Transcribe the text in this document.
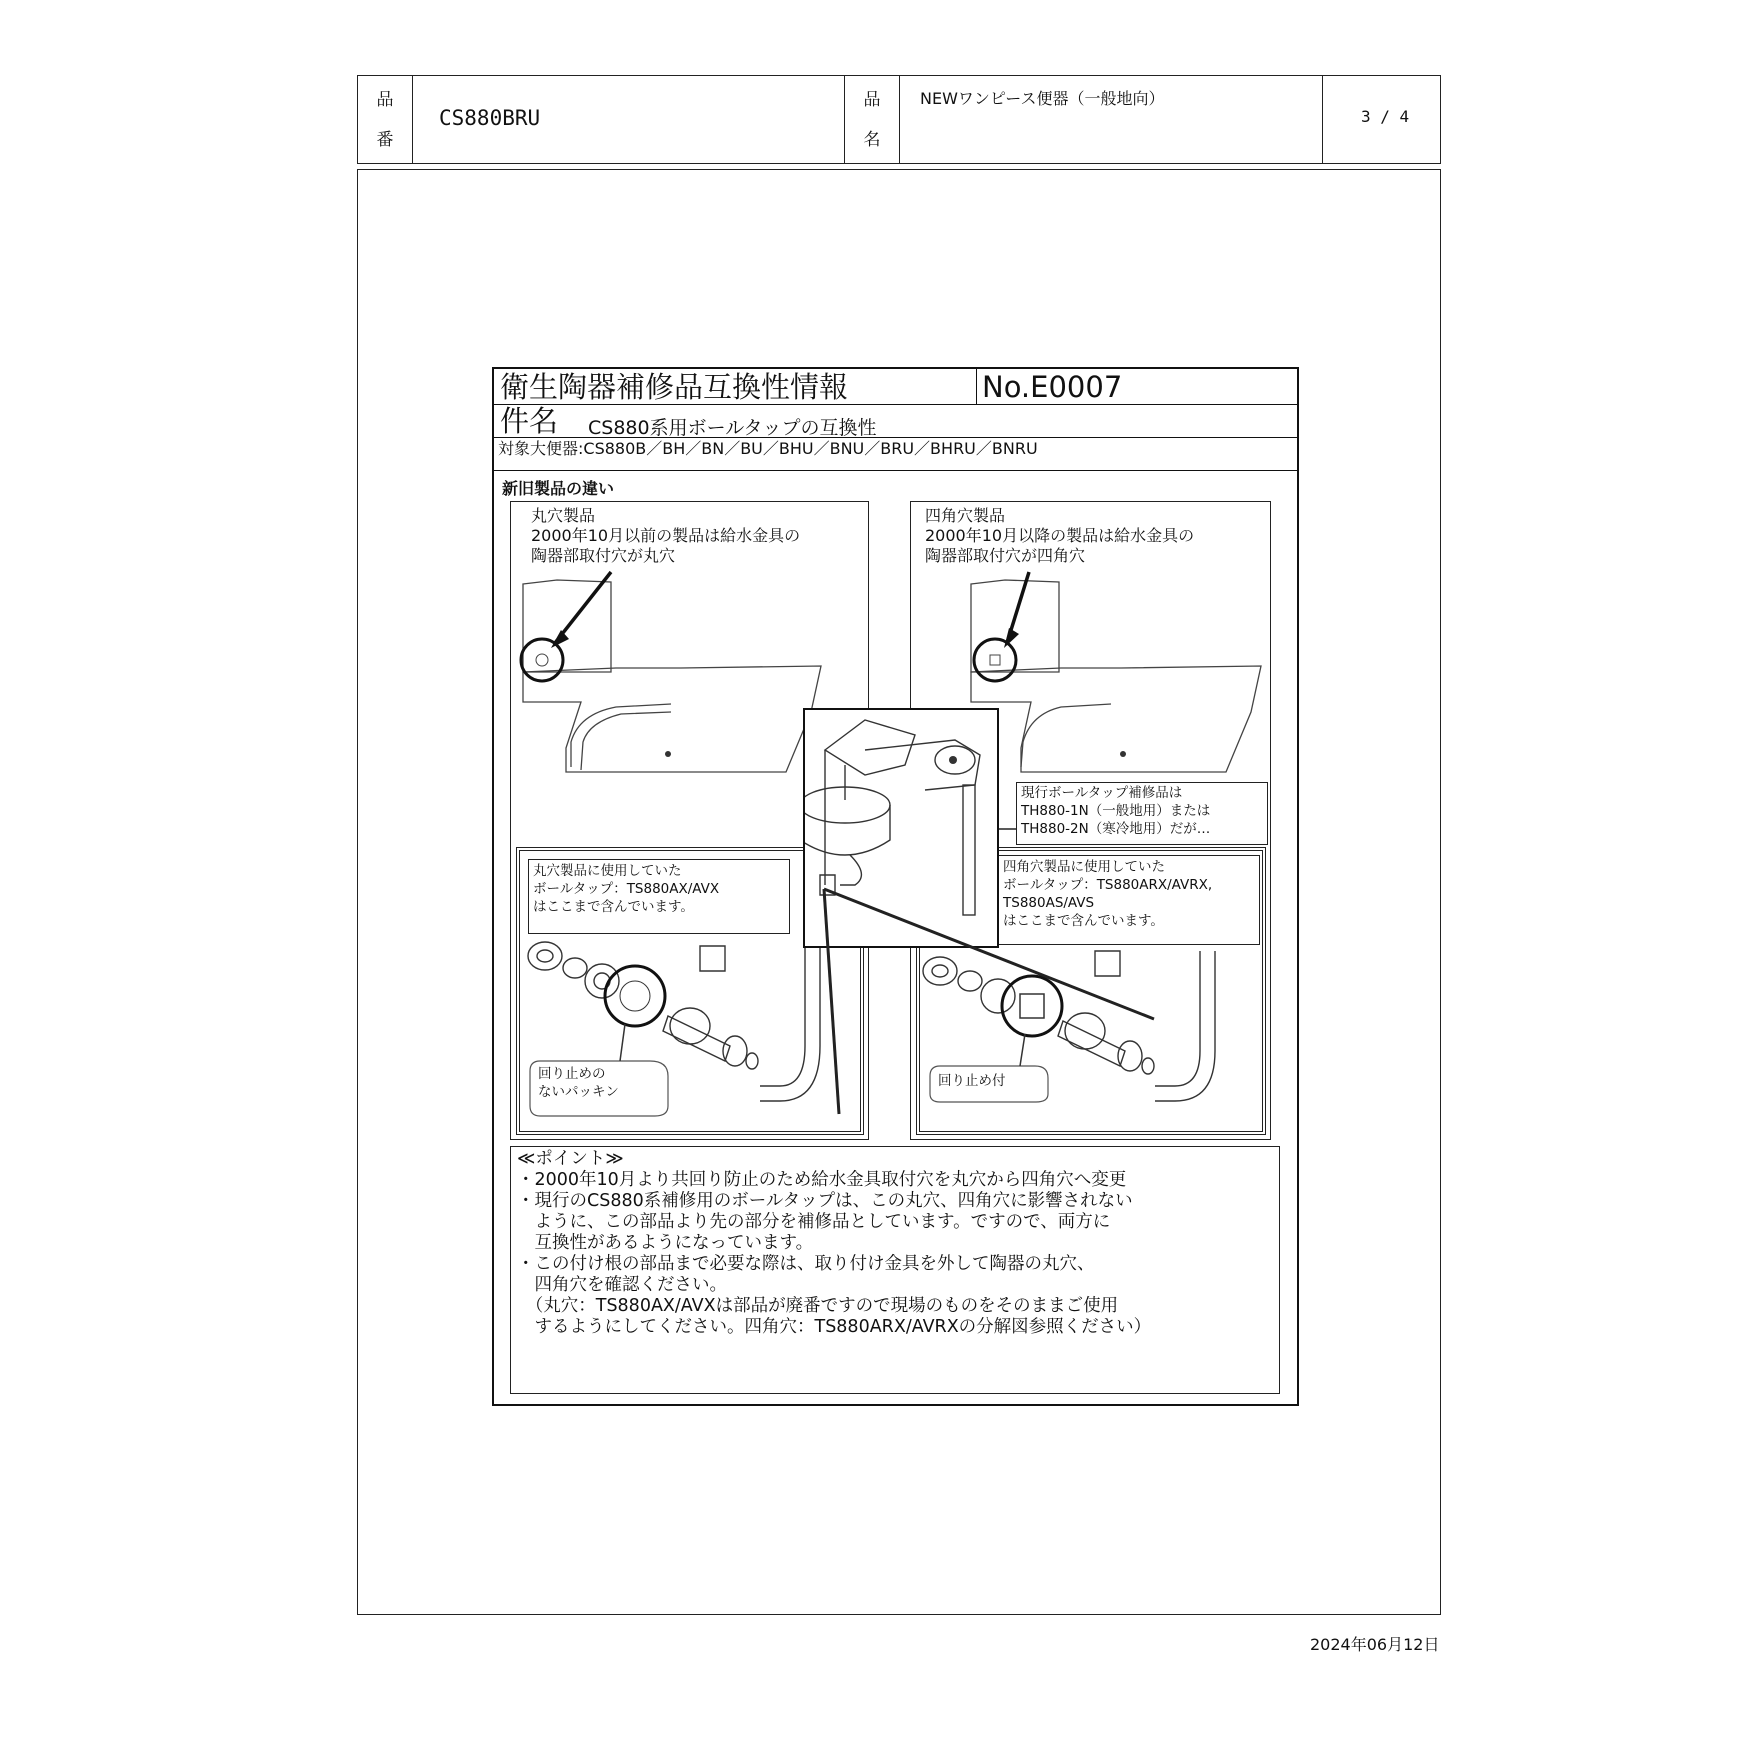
品
番
CS880BRU
品
名
NEWワンピース便器（一般地向）
3 / 4
衛生陶器補修品互換性情報	No.E0007
件名 CS880系用ボールタップの互換性
対象大便器:CS880B／BH／BN／BU／BHU／BNU／BRU／BHRU／BNRU
新旧製品の違い
丸穴製品
2000年10月以前の製品は給水金具の
陶器部取付穴が丸穴
丸穴製品に使用していた
ボールタップ：TS880AX/AVX
はここまで含んでいます。
回り止めの
ないパッキン
四角穴製品
2000年10月以降の製品は給水金具の
陶器部取付穴が四角穴
四角穴製品に使用していた
ボールタップ：TS880ARX/AVRX,
TS880AS/AVS
はここまで含んでいます。
回り止め付
現行ボールタップ補修品は
TH880-1N（一般地用）または
TH880-2N（寒冷地用）だが…
≪ポイント≫
・2000年10月より共回り防止のため給水金具取付穴を丸穴から四角穴へ変更
・現行のCS880系補修用のボールタップは、この丸穴、四角穴に影響されない
　ように、この部品より先の部分を補修品としています。ですので、両方に
　互換性があるようになっています。
・この付け根の部品まで必要な際は、取り付け金具を外して陶器の丸穴、
　四角穴を確認ください。
　（丸穴：TS880AX/AVXは部品が廃番ですので現場のものをそのままご使用
　するようにしてください。四角穴：TS880ARX/AVRXの分解図参照ください）
2024年06月12日
